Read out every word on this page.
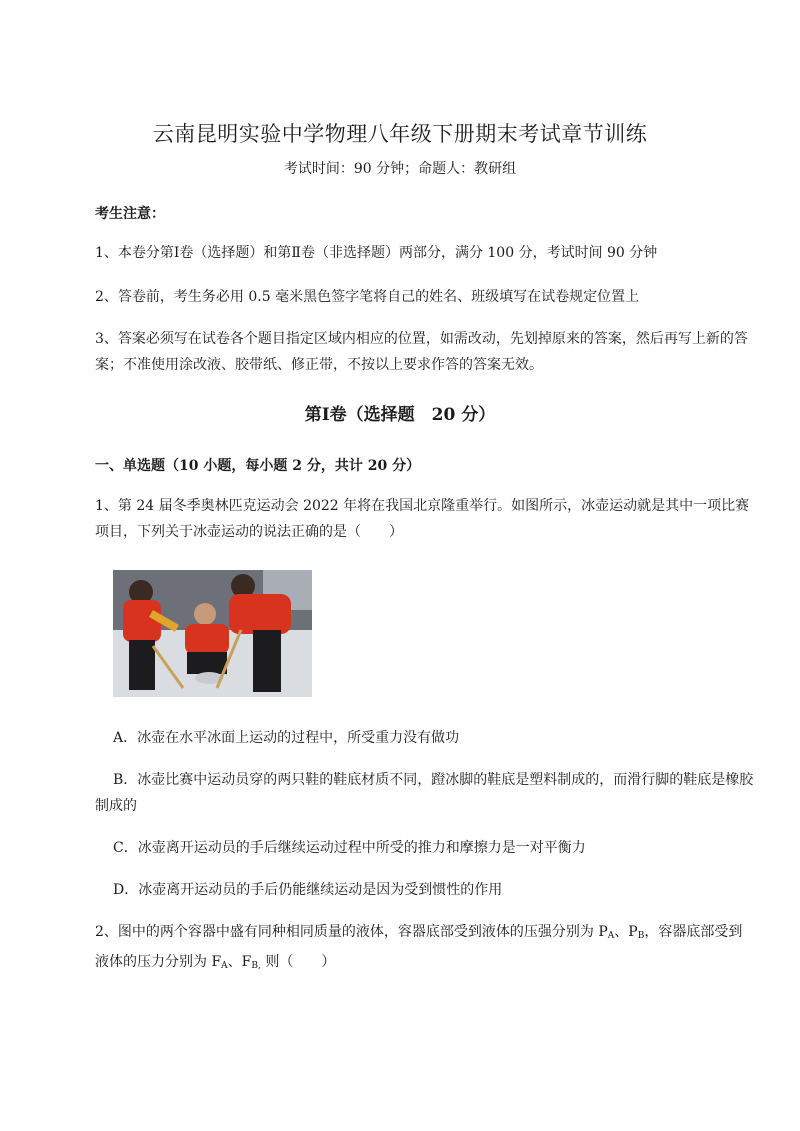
云南昆明实验中学物理八年级下册期末考试章节训练
考试时间：90 分钟；命题人：教研组
考生注意：
1、本卷分第Ⅰ卷（选择题）和第Ⅱ卷（非选择题）两部分，满分 100 分，考试时间 90 分钟
2、答卷前，考生务必用 0.5 毫米黑色签字笔将自己的姓名、班级填写在试卷规定位置上
3、答案必须写在试卷各个题目指定区域内相应的位置，如需改动，先划掉原来的答案，然后再写上新的答案；不准使用涂改液、胶带纸、修正带，不按以上要求作答的答案无效。
第Ⅰ卷（选择题　20 分）
一、单选题（10 小题，每小题 2 分，共计 20 分）
1、第 24 届冬季奥林匹克运动会 2022 年将在我国北京隆重举行。如图所示，冰壶运动就是其中一项比赛项目，下列关于冰壶运动的说法正确的是（　　）
A．冰壶在水平冰面上运动的过程中，所受重力没有做功
B．冰壶比赛中运动员穿的两只鞋的鞋底材质不同，蹬冰脚的鞋底是塑料制成的，而滑行脚的鞋底是橡胶制成的
C．冰壶离开运动员的手后继续运动过程中所受的推力和摩擦力是一对平衡力
D．冰壶离开运动员的手后仍能继续运动是因为受到惯性的作用
2、图中的两个容器中盛有同种相同质量的液体，容器底部受到液体的压强分别为 $P_A$、$P_B$，容器底部受到液体的压力分别为 $F_A$、$F_{B,}$ 则（　　）
